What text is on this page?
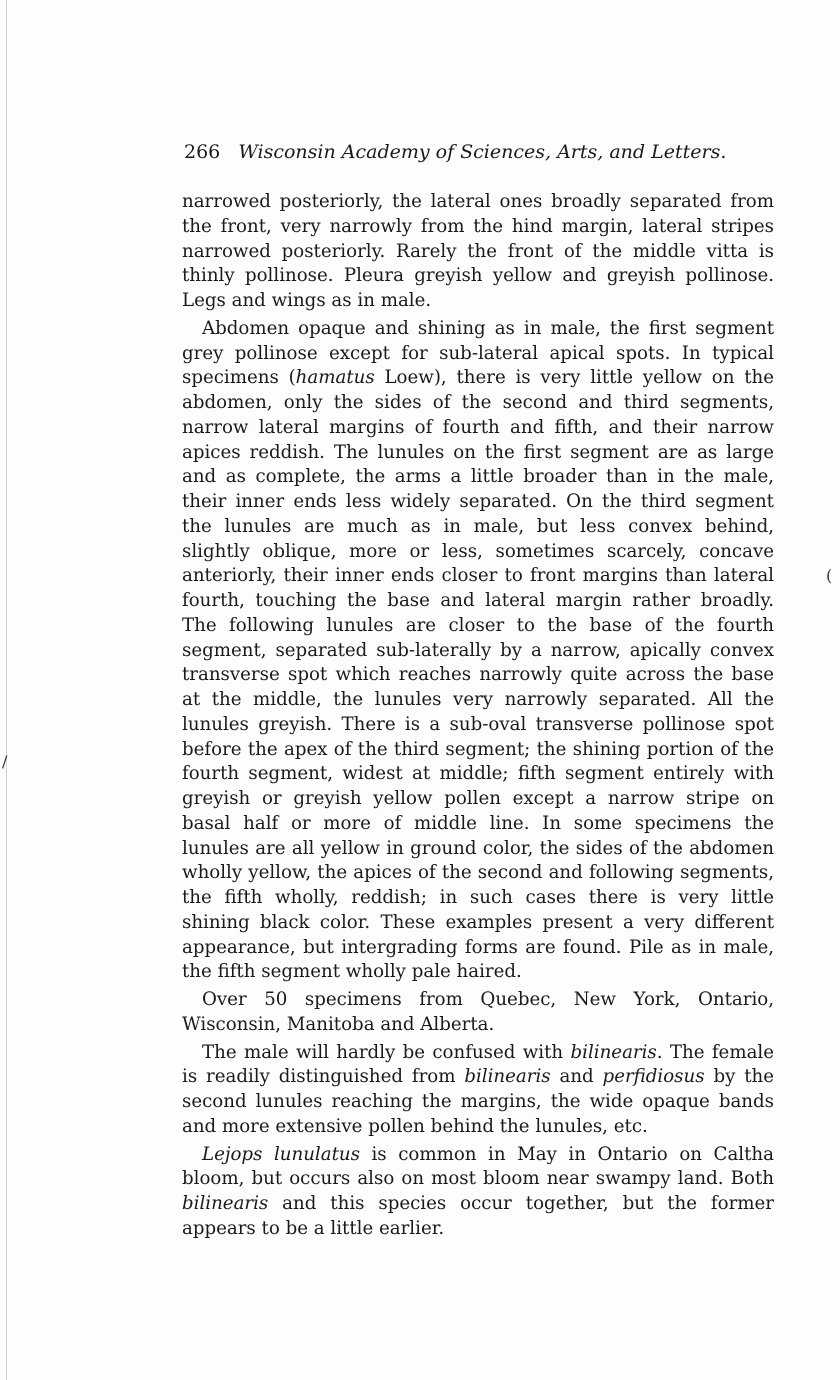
/
(
266 Wisconsin Academy of Sciences, Arts, and Letters.

narrowed posteriorly, the lateral ones broadly separated from the front, very narrowly from the hind margin, lateral stripes narrowed posteriorly. Rarely the front of the middle vitta is thinly pollinose. Pleura greyish yellow and greyish pollinose. Legs and wings as in male.

Abdomen opaque and shining as in male, the first segment grey pollinose except for sub-lateral apical spots. In typical specimens (hamatus Loew), there is very little yellow on the abdomen, only the sides of the second and third segments, narrow lateral margins of fourth and fifth, and their narrow apices reddish. The lunules on the first segment are as large and as complete, the arms a little broader than in the male, their inner ends less widely separated. On the third segment the lunules are much as in male, but less convex behind, slightly oblique, more or less, sometimes scarcely, concave anteriorly, their inner ends closer to front margins than lateral fourth, touching the base and lateral margin rather broadly. The following lunules are closer to the base of the fourth segment, separated sub-laterally by a narrow, apically convex transverse spot which reaches narrowly quite across the base at the middle, the lunules very narrowly separated. All the lunules greyish. There is a sub-oval transverse pollinose spot before the apex of the third segment; the shining portion of the fourth segment, widest at middle; fifth segment entirely with greyish or greyish yellow pollen except a narrow stripe on basal half or more of middle line. In some specimens the lunules are all yellow in ground color, the sides of the abdomen wholly yellow, the apices of the second and following segments, the fifth wholly, reddish; in such cases there is very little shining black color. These examples present a very different appearance, but intergrading forms are found. Pile as in male, the fifth segment wholly pale haired.

Over 50 specimens from Quebec, New York, Ontario, Wisconsin, Manitoba and Alberta.

The male will hardly be confused with bilinearis. The female is readily distinguished from bilinearis and perfidiosus by the second lunules reaching the margins, the wide opaque bands and more extensive pollen behind the lunules, etc.

Lejops lunulatus is common in May in Ontario on Caltha bloom, but occurs also on most bloom near swampy land. Both bilinearis and this species occur together, but the former appears to be a little earlier.
